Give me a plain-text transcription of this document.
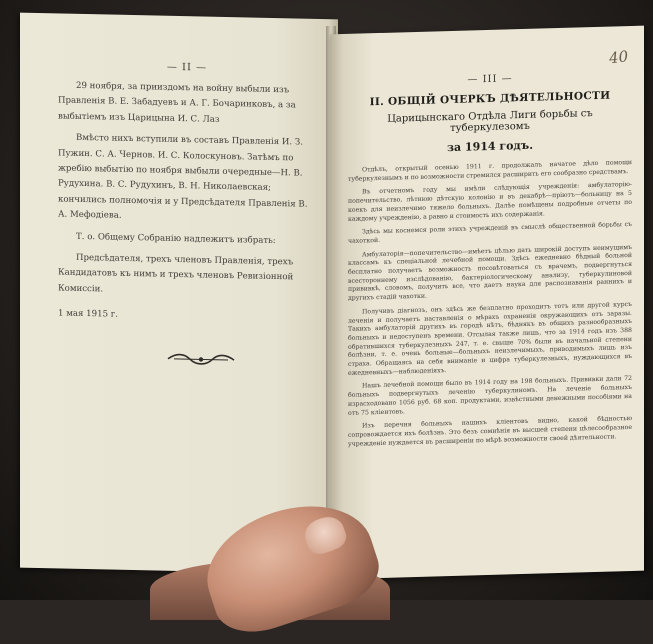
— II —

29 ноября, за прииздомъ на войну выбыли изъ Правленія В. Е. Забадуевъ и А. Г. Бочаринковъ, а за выбытіемъ изъ Царицына И. С. Лаз

Вмѣсто нихъ вступили въ составъ Правленія И. З. Пужин. С. А. Чернов. И. С. Колоскуновъ. Затѣмъ по жребію выбытію по ноября выбыли очередные—Н. В. Рудухина. В. С. Рудухинъ, В. Н. Николаевская; кончились полномочія и у Предсѣдателя Правленія В. А. Мефодіева.

Т. о. Общему Собранію надлежитъ избрать:

Предсѣдателя, трехъ членовъ Правленія, трехъ Кандидатовъ къ нимъ и трехъ членовъ Ревизіонной Комиссіи.

1 мая 1915 г.
40
— III —
II. ОБЩІЙ ОЧЕРКЪ ДѢЯТЕЛЬНОСТИ
Царицынскаго Отдѣла Лиги борьбы съ туберкулезомъ
за 1914 годъ.

Отдѣлъ, открытый осенью 1911 г. продолжалъ начатое дѣло помощи туберкулезнымъ и по возможности стремился расширить его сообразно средствамъ.

Въ отчетномъ году мы имѣли слѣдующія учрежденія: амбулаторію-попечительство, лѣтнюю дѣтскую колонію и въ декабрѣ—пріютъ—больницу на 5 коекъ для неизлечимо тяжело больныхъ. Далѣе помѣщены подробные отчеты по каждому учрежденію, а равно и стоимость ихъ содержанія.

Здѣсь мы коснемся роли этихъ учрежденій въ смыслѣ общественной борьбы съ чахоткой.

Амбулаторія—попечительство—имѣетъ цѣлью дать широкій доступъ неимущимъ классамъ къ спеціальной лечебной помощи. Здѣсь ежедневно бѣдный больной бесплатно получаетъ возможность посовѣтоваться съ врачемъ, подвергнуться всестороннему изслѣдованію, бактеріологическому анализу, туберкулиновой прививкѣ, словомъ, получить все, что даетъ наука для распознаванія раннихъ и другихъ стадій чахотки.

Получивъ діагнозъ, онъ здѣсь же безплатно проходитъ тотъ или другой курсъ леченія и получаетъ наставленія о мѣрахъ охраненія окружающихъ отъ заразы. Такихъ амбулаторій другихъ въ городѣ нѣтъ, бѣднякъ въ общихъ разнообразныхъ больныхъ и недоступенъ времени. Отсылая также лишь, что за 1914 годъ изъ 388 обратившихся туберкулезныхъ 247, т. е. свыше 70% были въ начальной степени болѣзни, т. е. очень больные—больныхъ неизлечимыхъ, приводимыхъ лишь изъ страха. Обращаясь на себя вниманіе и цифра туберкулезныхъ, нуждающихся въ ежедневныхъ—наблюденіяхъ.

Нашъ лечебной помощи было въ 1914 году на 198 больныхъ. Прививки дали 72 больныхъ подвергнутыхъ леченію туберкулиномъ. На леченіе больныхъ израсходовано 1056 руб. 68 коп. продуктами, извѣстными денежными пособіями на отъ 75 кліентовъ.

Изъ перечня больныхъ нашихъ кліентовъ видно, какой бѣдностью сопровождается ихъ болѣзнь. Это безъ сомнѣнія въ высшей степени цѣлесообразное учрежденіе нуждается въ расширеніи по мѣрѣ возможности своей дѣятельности.
